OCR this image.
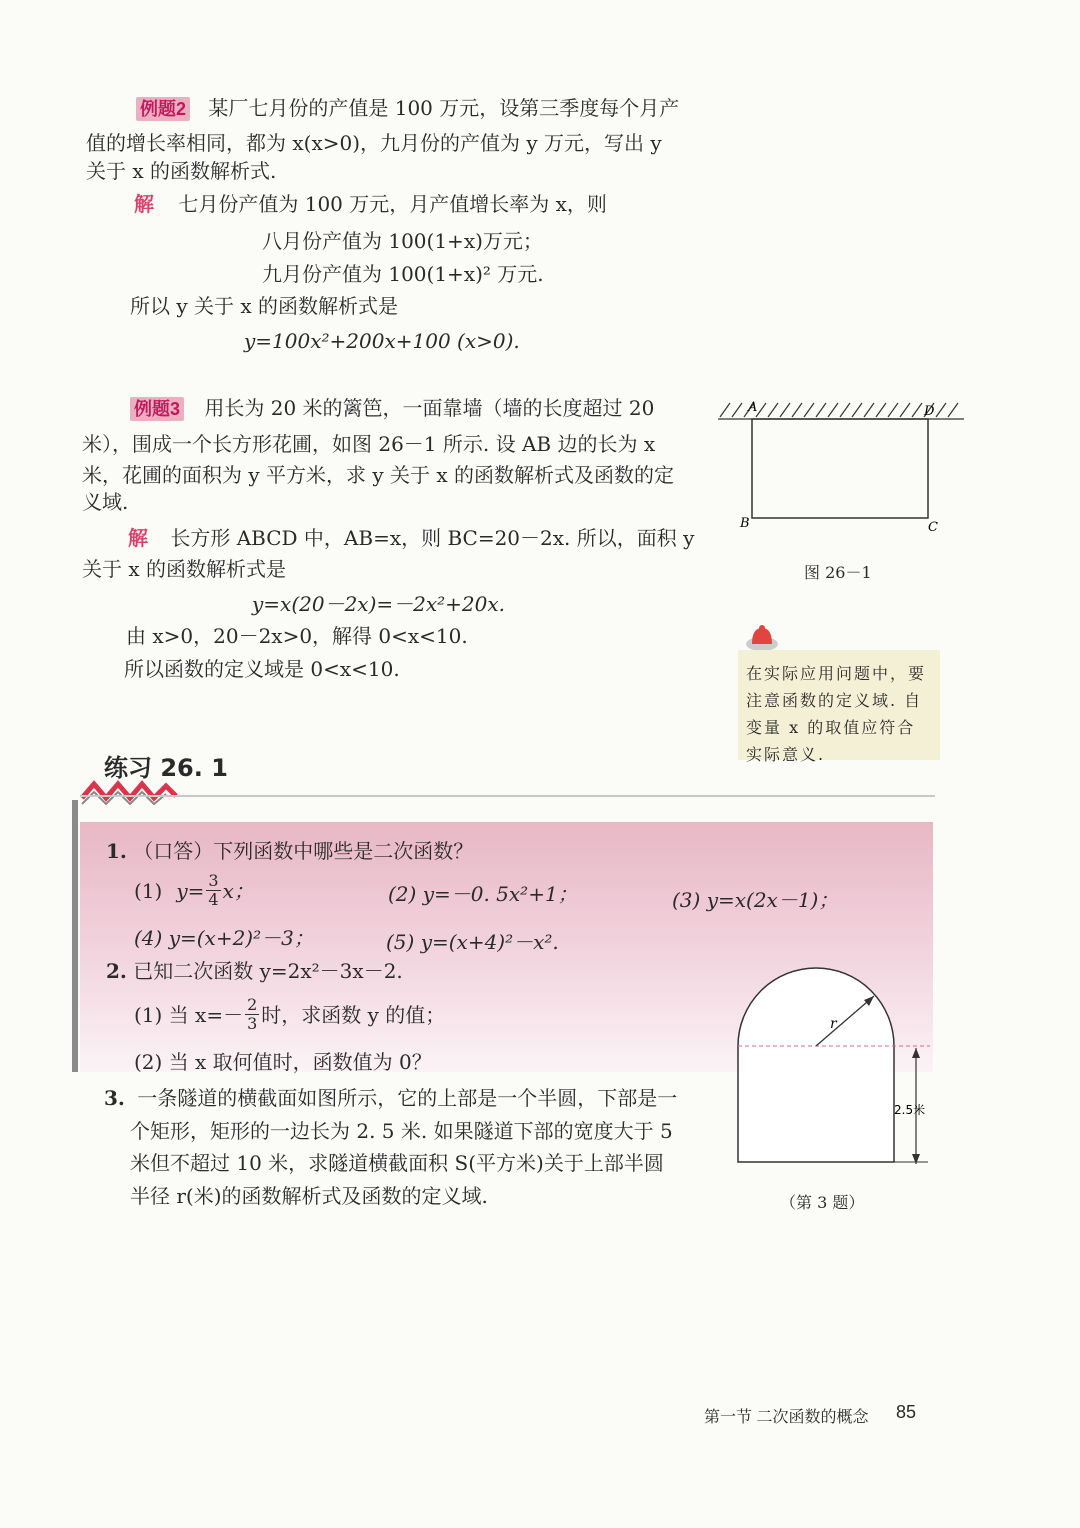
例题2 某厂七月份的产值是 100 万元，设第三季度每个月产
值的增长率相同，都为 x(x>0)，九月份的产值为 y 万元，写出 y
关于 x 的函数解析式.
解 七月份产值为 100 万元，月产值增长率为 x，则
八月份产值为 100(1+x)万元；
九月份产值为 100(1+x)² 万元.
所以 y 关于 x 的函数解析式是
y=100x²+200x+100 (x>0).
例题3 用长为 20 米的篱笆，一面靠墙（墙的长度超过 20
米），围成一个长方形花圃，如图 26－1 所示. 设 AB 边的长为 x
米，花圃的面积为 y 平方米，求 y 关于 x 的函数解析式及函数的定
义域.
解 长方形 ABCD 中，AB=x，则 BC=20－2x. 所以，面积 y
关于 x 的函数解析式是
y=x(20－2x)=－2x²+20x.
由 x>0，20－2x>0，解得 0<x<10.
所以函数的定义域是 0<x<10.
A	D
B	C
图 26－1
在实际应用问题中，要
注意函数的定义域. 自
变量 x 的取值应符合
实际意义.
练习 26. 1
1. （口答）下列函数中哪些是二次函数？
(1) $y= \frac{3}{4}$ x；	(2) y=－0. 5x²+1；	(3) y=x(2x－1)；
(4) y=(x+2)²－3；	(5) y=(x+4)²－x².
2. 已知二次函数 y=2x²－3x－2.
(1) 当 $x=- \frac{2}{3}$ 时，求函数 y 的值；
(2) 当 x 取何值时，函数值为 0？
3. 一条隧道的横截面如图所示，它的上部是一个半圆，下部是一
个矩形，矩形的一边长为 2. 5 米. 如果隧道下部的宽度大于 5
米但不超过 10 米，求隧道横截面积 S(平方米)关于上部半圆
半径 r(米)的函数解析式及函数的定义域.
r
2.5米
（第 3 题）
第一节 二次函数的概念 85
